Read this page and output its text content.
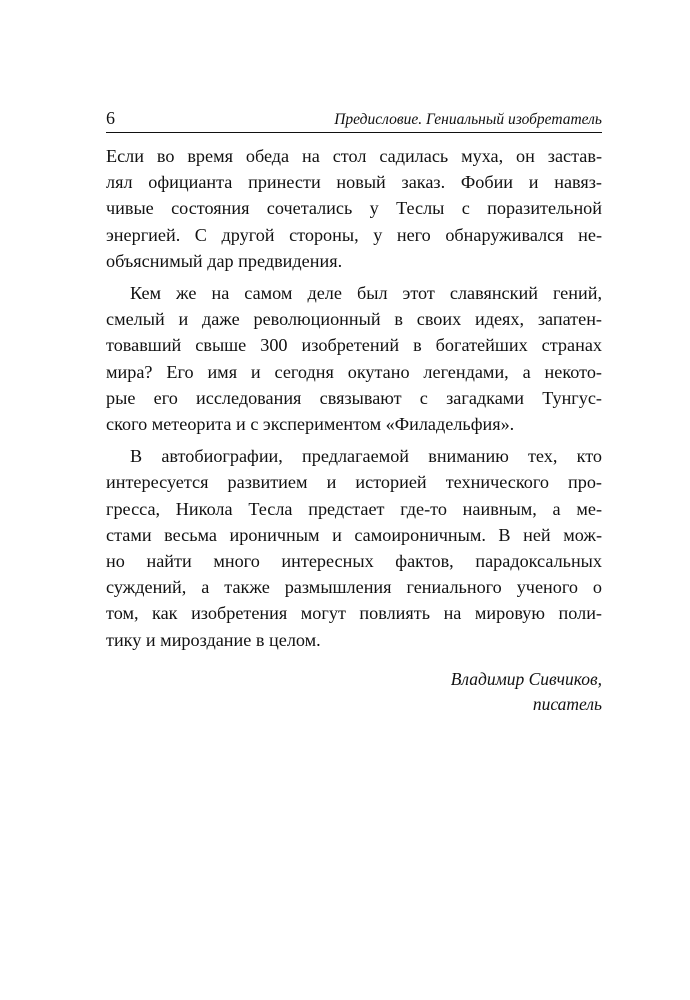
6	Предисловие. Гениальный изобретатель

Если во время обеда на стол садилась муха, он застав-
лял официанта принести новый заказ. Фобии и навяз-
чивые состояния сочетались у Теслы с поразительной
энергией. С другой стороны, у него обнаруживался не-
объяснимый дар предвидения.

Кем же на самом деле был этот славянский гений,
смелый и даже революционный в своих идеях, запатен-
товавший свыше 300 изобретений в богатейших странах
мира? Его имя и сегодня окутано легендами, а некото-
рые его исследования связывают с загадками Тунгус-
ского метеорита и с экспериментом «Филадельфия».

В автобиографии, предлагаемой вниманию тех, кто
интересуется развитием и историей технического про-
гресса, Никола Тесла предстает где-то наивным, а ме-
стами весьма ироничным и самоироничным. В ней мож-
но найти много интересных фактов, парадоксальных
суждений, а также размышления гениального ученого о
том, как изобретения могут повлиять на мировую поли-
тику и мироздание в целом.

Владимир Сивчиков,
писатель
